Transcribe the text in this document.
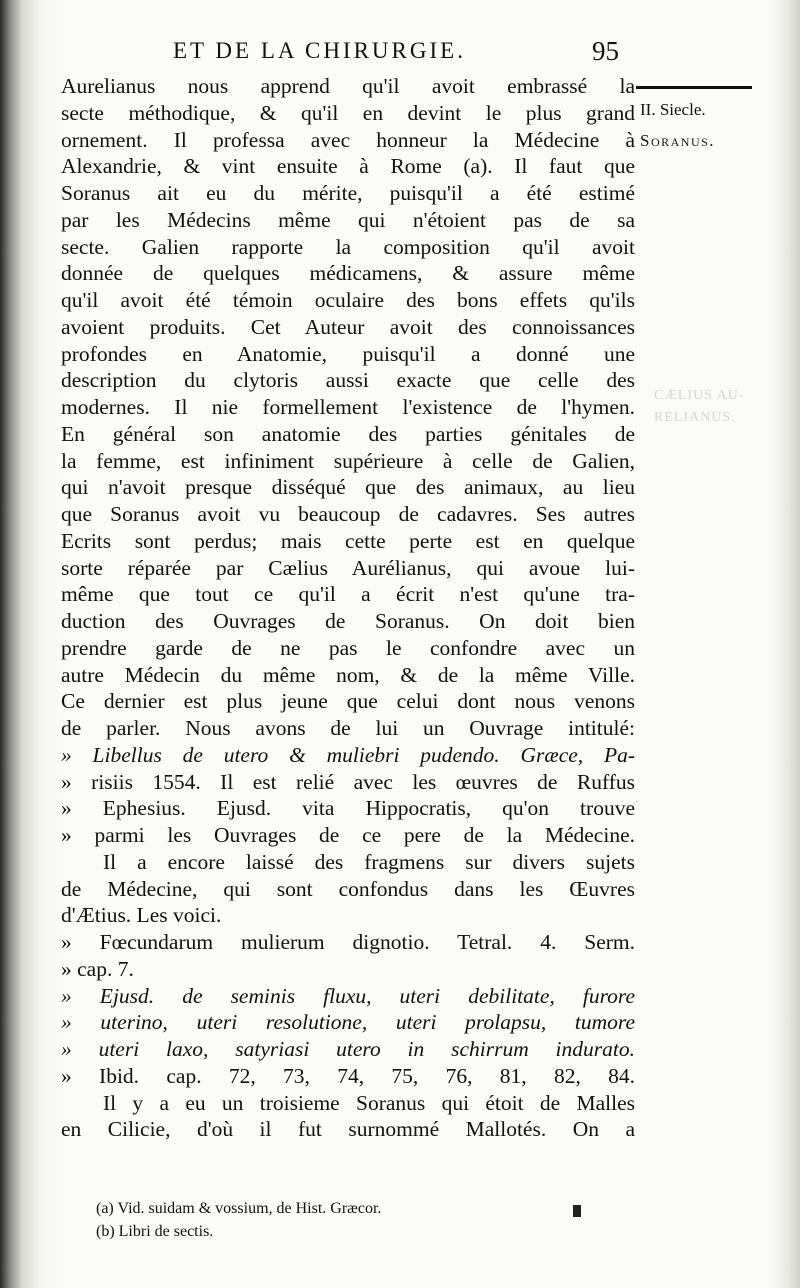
ET DE LA CHIRURGIE.	95
II. Siecle.
Soranus.
CÆLIUS AU-
RELIANUS.
Aurelianus nous apprend qu'il avoit embrassé la
secte méthodique, & qu'il en devint le plus grand
ornement. Il professa avec honneur la Médecine à
Alexandrie, & vint ensuite à Rome (a). Il faut que
Soranus ait eu du mérite, puisqu'il a été estimé
par les Médecins même qui n'étoient pas de sa
secte. Galien rapporte la composition qu'il avoit
donnée de quelques médicamens, & assure même
qu'il avoit été témoin oculaire des bons effets qu'ils
avoient produits. Cet Auteur avoit des connoissances
profondes en Anatomie, puisqu'il a donné une
description du clytoris aussi exacte que celle des
modernes. Il nie formellement l'existence de l'hymen.
En général son anatomie des parties génitales de
la femme, est infiniment supérieure à celle de Galien,
qui n'avoit presque disséqué que des animaux, au lieu
que Soranus avoit vu beaucoup de cadavres. Ses autres
Ecrits sont perdus; mais cette perte est en quelque
sorte réparée par Cælius Aurélianus, qui avoue lui-
même que tout ce qu'il a écrit n'est qu'une tra-
duction des Ouvrages de Soranus. On doit bien
prendre garde de ne pas le confondre avec un
autre Médecin du même nom, & de la même Ville.
Ce dernier est plus jeune que celui dont nous venons
de parler. Nous avons de lui un Ouvrage intitulé:
» Libellus de utero & muliebri pudendo. Græce, Pa-
» risiis 1554. Il est relié avec les œuvres de Ruffus
» Ephesius. Ejusd. vita Hippocratis, qu'on trouve
» parmi les Ouvrages de ce pere de la Médecine.
Il a encore laissé des fragmens sur divers sujets
de Médecine, qui sont confondus dans les Œuvres
d'Ætius. Les voici.
» Fœcundarum mulierum dignotio. Tetral. 4. Serm.
» cap. 7.
» Ejusd. de seminis fluxu, uteri debilitate, furore
» uterino, uteri resolutione, uteri prolapsu, tumore
» uteri laxo, satyriasi utero in schirrum indurato.
» Ibid. cap. 72, 73, 74, 75, 76, 81, 82, 84.
Il y a eu un troisieme Soranus qui étoit de Malles
en Cilicie, d'où il fut surnommé Mallotés. On a
(a) Vid. suidam & vossium, de Hist. Græcor.
(b) Libri de sectis.
